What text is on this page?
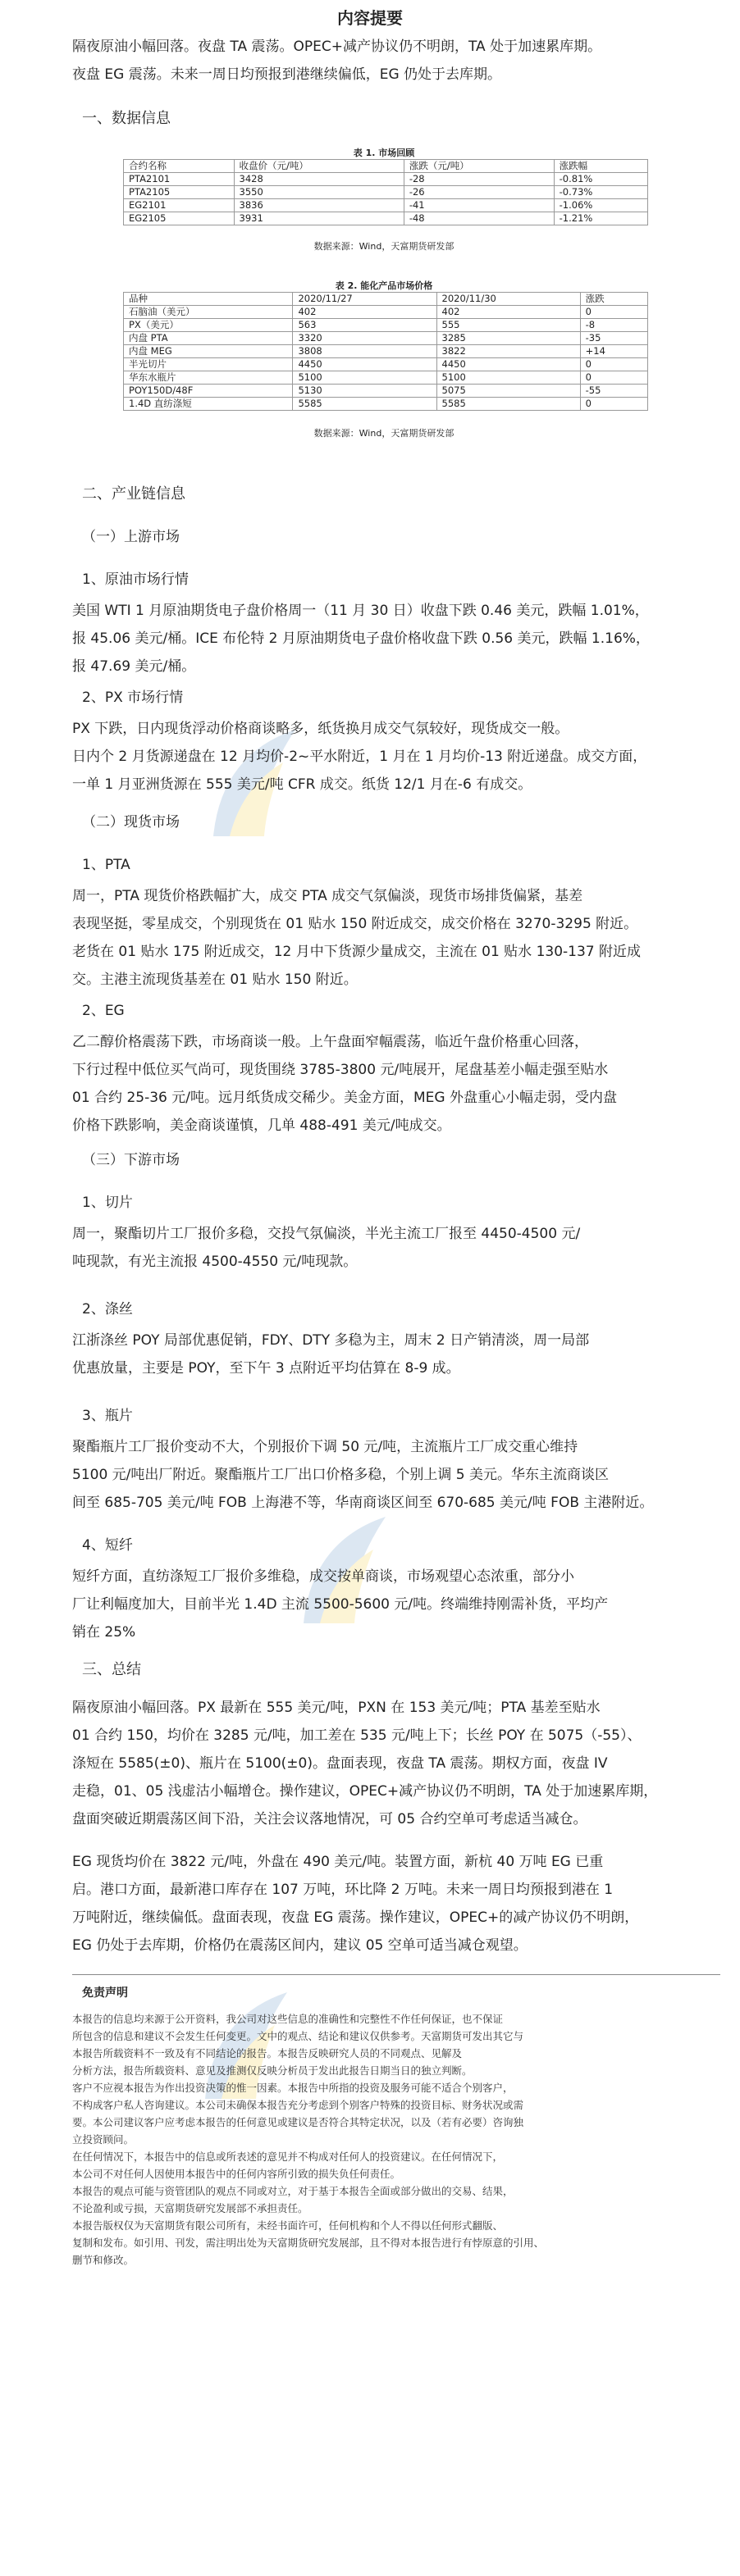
内容提要
隔夜原油小幅回落。夜盘 TA 震荡。OPEC+减产协议仍不明朗，TA 处于加速累库期。
夜盘 EG 震荡。未来一周日均预报到港继续偏低，EG 仍处于去库期。
一、数据信息
表 1. 市场回顾
合约名称	收盘价（元/吨）	涨跌（元/吨）	涨跌幅
PTA2101	3428	-28	-0.81%
PTA2105	3550	-26	-0.73%
EG2101	3836	-41	-1.06%
EG2105	3931	-48	-1.21%
数据来源：Wind，天富期货研发部
表 2. 能化产品市场价格
品种	2020/11/27	2020/11/30	涨跌
石脑油（美元）	402	402	0
PX（美元）	563	555	-8
内盘 PTA	3320	3285	-35
内盘 MEG	3808	3822	+14
半光切片	4450	4450	0
华东水瓶片	5100	5100	0
POY150D/48F	5130	5075	-55
1.4D 直纺涤短	5585	5585	0
数据来源：Wind，天富期货研发部
二、产业链信息
（一）上游市场
1、原油市场行情
美国 WTI 1 月原油期货电子盘价格周一（11 月 30 日）收盘下跌 0.46 美元，跌幅 1.01%，
报 45.06 美元/桶。ICE 布伦特 2 月原油期货电子盘价格收盘下跌 0.56 美元，跌幅 1.16%，
报 47.69 美元/桶。
2、PX 市场行情
PX 下跌，日内现货浮动价格商谈略多，纸货换月成交气氛较好，现货成交一般。
日内个 2 月货源递盘在 12 月均价-2~平水附近，1 月在 1 月均价-13 附近递盘。成交方面，
一单 1 月亚洲货源在 555 美元/吨 CFR 成交。纸货 12/1 月在-6 有成交。
（二）现货市场
1、PTA
周一，PTA 现货价格跌幅扩大，成交 PTA 成交气氛偏淡，现货市场排货偏紧，基差
表现坚挺，零星成交，个别现货在 01 贴水 150 附近成交，成交价格在 3270-3295 附近。
老货在 01 贴水 175 附近成交，12 月中下货源少量成交，主流在 01 贴水 130-137 附近成
交。主港主流现货基差在 01 贴水 150 附近。
2、EG
乙二醇价格震荡下跌，市场商谈一般。上午盘面窄幅震荡，临近午盘价格重心回落，
下行过程中低位买气尚可，现货围绕 3785-3800 元/吨展开，尾盘基差小幅走强至贴水
01 合约 25-36 元/吨。远月纸货成交稀少。美金方面，MEG 外盘重心小幅走弱，受内盘
价格下跌影响，美金商谈谨慎，几单 488-491 美元/吨成交。
（三）下游市场
1、切片
周一，聚酯切片工厂报价多稳，交投气氛偏淡，半光主流工厂报至 4450-4500 元/
吨现款，有光主流报 4500-4550 元/吨现款。
2、涤丝
江浙涤丝 POY 局部优惠促销，FDY、DTY 多稳为主，周末 2 日产销清淡，周一局部
优惠放量，主要是 POY，至下午 3 点附近平均估算在 8-9 成。
3、瓶片
聚酯瓶片工厂报价变动不大，个别报价下调 50 元/吨，主流瓶片工厂成交重心维持
5100 元/吨出厂附近。聚酯瓶片工厂出口价格多稳，个别上调 5 美元。华东主流商谈区
间至 685-705 美元/吨 FOB 上海港不等，华南商谈区间至 670-685 美元/吨 FOB 主港附近。
4、短纤
短纤方面，直纺涤短工厂报价多维稳，成交按单商谈，市场观望心态浓重，部分小
厂让利幅度加大，目前半光 1.4D 主流 5500-5600 元/吨。终端维持刚需补货，平均产
销在 25%
三、总结
隔夜原油小幅回落。PX 最新在 555 美元/吨，PXN 在 153 美元/吨；PTA 基差至贴水
01 合约 150，均价在 3285 元/吨，加工差在 535 元/吨上下；长丝 POY 在 5075（-55）、
涤短在 5585(±0)、瓶片在 5100(±0)。盘面表现，夜盘 TA 震荡。期权方面，夜盘 IV
走稳，01、05 浅虚沽小幅增仓。操作建议，OPEC+减产协议仍不明朗，TA 处于加速累库期，
盘面突破近期震荡区间下沿，关注会议落地情况，可 05 合约空单可考虑适当减仓。
EG 现货均价在 3822 元/吨，外盘在 490 美元/吨。装置方面，新杭 40 万吨 EG 已重
启。港口方面，最新港口库存在 107 万吨，环比降 2 万吨。未来一周日均预报到港在 1
万吨附近，继续偏低。盘面表现，夜盘 EG 震荡。操作建议，OPEC+的减产协议仍不明朗，
EG 仍处于去库期，价格仍在震荡区间内，建议 05 空单可适当减仓观望。
免责声明
本报告的信息均来源于公开资料，我公司对这些信息的准确性和完整性不作任何保证，也不保证
所包含的信息和建议不会发生任何变更。文中的观点、结论和建议仅供参考。天富期货可发出其它与
本报告所载资料不一致及有不同结论的报告。本报告反映研究人员的不同观点、见解及
分析方法，报告所载资料、意见及推测仅反映分析员于发出此报告日期当日的独立判断。
客户不应视本报告为作出投资决策的惟一因素。本报告中所指的投资及服务可能不适合个别客户，
不构成客户私人咨询建议。本公司未确保本报告充分考虑到个别客户特殊的投资目标、财务状况或需
要。本公司建议客户应考虑本报告的任何意见或建议是否符合其特定状况，以及（若有必要）咨询独
立投资顾问。
在任何情况下，本报告中的信息或所表述的意见并不构成对任何人的投资建议。在任何情况下，
本公司不对任何人因使用本报告中的任何内容所引致的损失负任何责任。
本报告的观点可能与资管团队的观点不同或对立，对于基于本报告全面或部分做出的交易、结果，
不论盈利或亏损，天富期货研究发展部不承担责任。
本报告版权仅为天富期货有限公司所有，未经书面许可，任何机构和个人不得以任何形式翻版、
复制和发布。如引用、刊发，需注明出处为天富期货研究发展部，且不得对本报告进行有悖原意的引用、
删节和修改。
